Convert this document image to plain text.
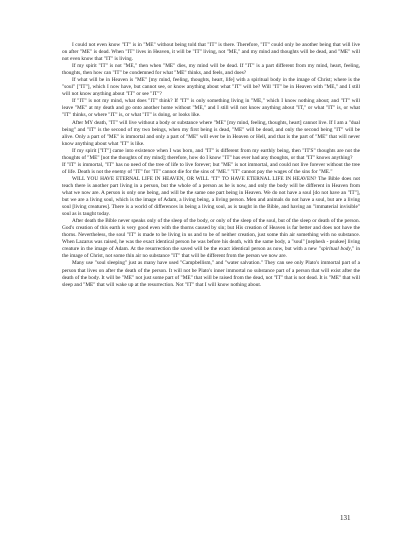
I could not even know "IT" is in "ME" without being told that "IT" is there. Therefore, "IT" could only be another being that will live on after "ME" is dead. When "IT" lives in Heaven, it will be "IT" living, not "ME," and my mind and thoughts will be dead, and "ME" will not even know that "IT" is living.

If my spirit "IT" is not "ME," then when "ME" dies, my mind will be dead. If "IT" is a part different from my mind, heart, feeling, thoughts, then how can "IT" be condemned for what "ME" thinks, and feels, and does?

If what will be in Heaven is "ME" [my mind, feeling, thoughts, heart, life] with a spiritual body in the image of Christ; where is the "soul" ["IT"], which I now have, but cannot see, or know anything about what "IT" will be? Will "IT" be in Heaven with "ME," and I still will not know anything about "IT" or see "IT"?

If "IT" is not my mind, what does "IT" think? If "IT" is only something living in "ME," which I know nothing about; and "IT" will leave "ME" at my death and go onto another home without "ME," and I still will not know anything about "IT," or what "IT" is, or what "IT" thinks, or where "IT" is, or what "IT" is doing, or looks like.

After MY death, "IT" will live without a body or substance where "ME" [my mind, feeling, thoughts, heart] cannot live. If I am a "dual being" and "IT" is the second of my two beings, when my first being is dead, "ME" will be dead, and only the second being "IT" will be alive. Only a part of "ME" is immortal and only a part of "ME" will ever be in Heaven or Hell, and that is the part of "ME" that will never know anything about what "IT" is like.

If my spirit ["IT"] came into existence when I was born, and "IT" is different from my earthly being, then "IT'S" thoughts are not the thoughts of "ME" [not the thoughts of my mind]; therefore, how do I know "IT" has ever had any thoughts, or that "IT" knows anything?

If "IT" is immortal, "IT" has no need of the tree of life to live forever; but "ME" is not immortal, and could not live forever without the tree of life. Death is not the enemy of "IT" for "IT" cannot die for the sins of "ME." "IT" cannot pay the wages of the sins for "ME."

WILL YOU HAVE ETERNAL LIFE IN HEAVEN, OR WILL "IT" TO HAVE ETERNAL LIFE IN HEAVEN? The Bible does not teach there is another part living in a person, but the whole of a person as he is now, and only the body will be different in Heaven from what we now are. A person is only one being, and will be the same one part being in Heaven. We do not have a soul [do not have an "IT"], but we are a living soul, which is the image of Adam, a living being, a living person. Men and animals do not have a soul, but are a living soul [living creatures]. There is a world of differences in being a living soul, as is taught in the Bible, and having an "immaterial invisible" soul as is taught today.

After death the Bible never speaks only of the sleep of the body, or only of the sleep of the soul, but of the sleep or death of the person. God's creation of this earth is very good even with the thorns caused by sin; but His creation of Heaven is far better and does not have the thorns. Nevertheless, the soul "IT" is made to be living in us and to be of neither creation, just some thin air something with no substance. When Lazarus was raised, he was the exact identical person he was before his death, with the same body, a "soul" [nephesh - psukee] living creature in the image of Adam. At the resurrection the saved will be the exact identical person as now, but with a new "spiritual body," in the image of Christ, not some thin air no substance "IT" that will be different from the person we now are.

Many use "soul sleeping" just as many have used "Campbellism," and "water salvation." They can see only Plato's immortal part of a person that lives on after the death of the person. It will not be Plato's inner immortal no substance part of a person that will exist after the death of the body. It will be "ME" not just some part of "ME" that will be raised from the dead, not "IT" that is not dead. It is "ME" that will sleep and "ME" that will wake up at the resurrection. Not "IT" that I will know nothing about.

131
